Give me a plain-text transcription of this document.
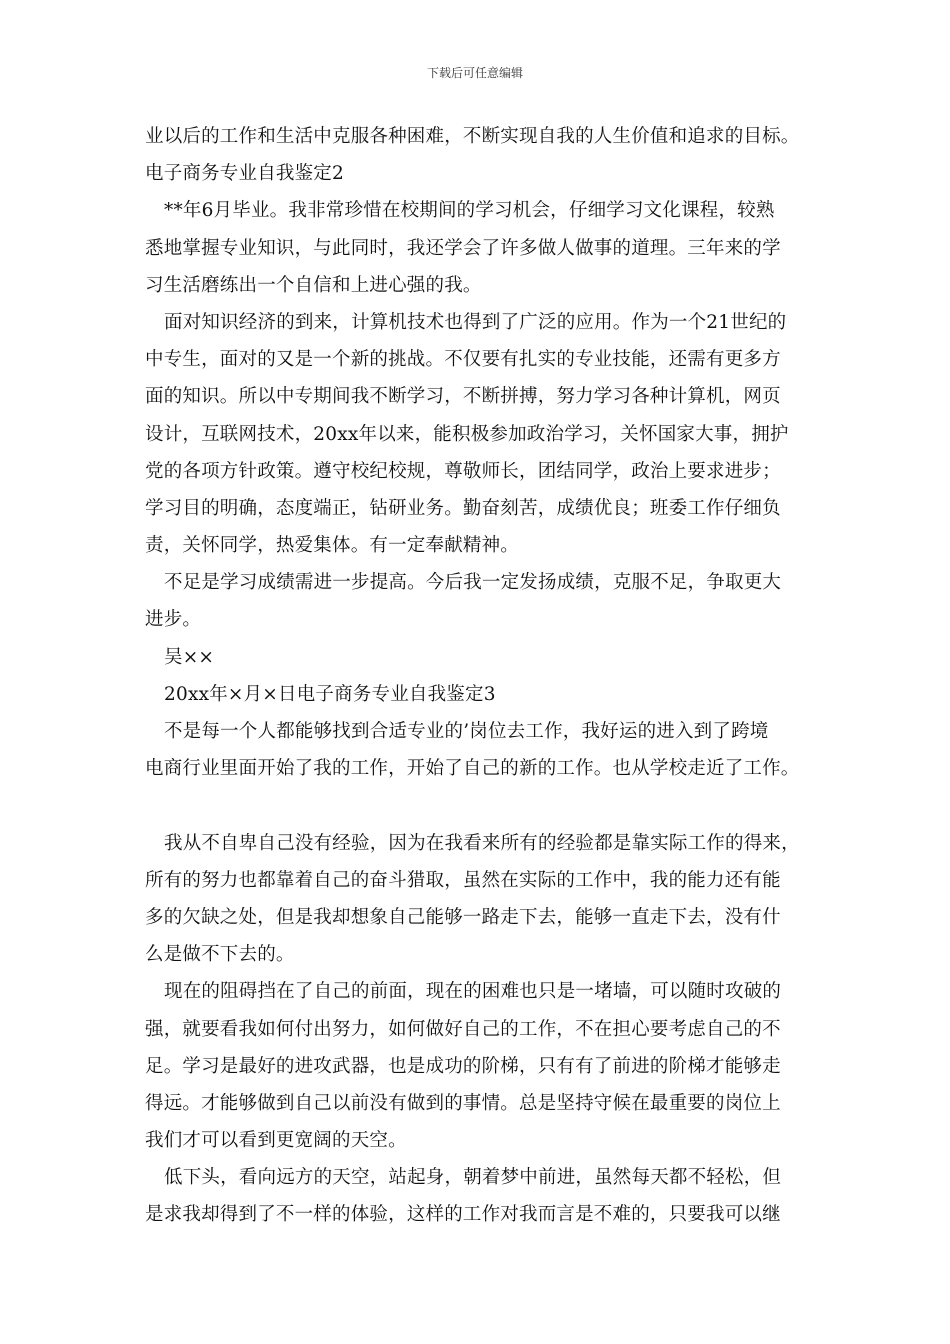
下载后可任意编辑
业以后的工作和生活中克服各种困难，不断实现自我的人生价值和追求的目标。
电子商务专业自我鉴定2
**年6月毕业。我非常珍惜在校期间的学习机会，仔细学习文化课程，较熟
悉地掌握专业知识，与此同时，我还学会了许多做人做事的道理。三年来的学
习生活磨练出一个自信和上进心强的我。
面对知识经济的到来，计算机技术也得到了广泛的应用。作为一个21世纪的
中专生，面对的又是一个新的挑战。不仅要有扎实的专业技能，还需有更多方
面的知识。所以中专期间我不断学习，不断拼搏，努力学习各种计算机，网页
设计，互联网技术，20xx年以来，能积极参加政治学习，关怀国家大事，拥护
党的各项方针政策。遵守校纪校规，尊敬师长，团结同学，政治上要求进步；
学习目的明确，态度端正，钻研业务。勤奋刻苦，成绩优良；班委工作仔细负
责，关怀同学，热爱集体。有一定奉献精神。
不足是学习成绩需进一步提高。今后我一定发扬成绩，克服不足，争取更大
进步。
吴××
20xx年×月×日电子商务专业自我鉴定3
不是每一个人都能够找到合适专业的’岗位去工作，我好运的进入到了跨境
电商行业里面开始了我的工作，开始了自己的新的工作。也从学校走近了工作。
我从不自卑自己没有经验，因为在我看来所有的经验都是靠实际工作的得来，
所有的努力也都靠着自己的奋斗猎取，虽然在实际的工作中，我的能力还有能
多的欠缺之处，但是我却想象自己能够一路走下去，能够一直走下去，没有什
么是做不下去的。
现在的阻碍挡在了自己的前面，现在的困难也只是一堵墙，可以随时攻破的
强，就要看我如何付出努力，如何做好自己的工作，不在担心要考虑自己的不
足。学习是最好的进攻武器，也是成功的阶梯，只有有了前进的阶梯才能够走
得远。才能够做到自己以前没有做到的事情。总是坚持守候在最重要的岗位上
我们才可以看到更宽阔的天空。
低下头，看向远方的天空，站起身，朝着梦中前进，虽然每天都不轻松，但
是求我却得到了不一样的体验，这样的工作对我而言是不难的，只要我可以继
